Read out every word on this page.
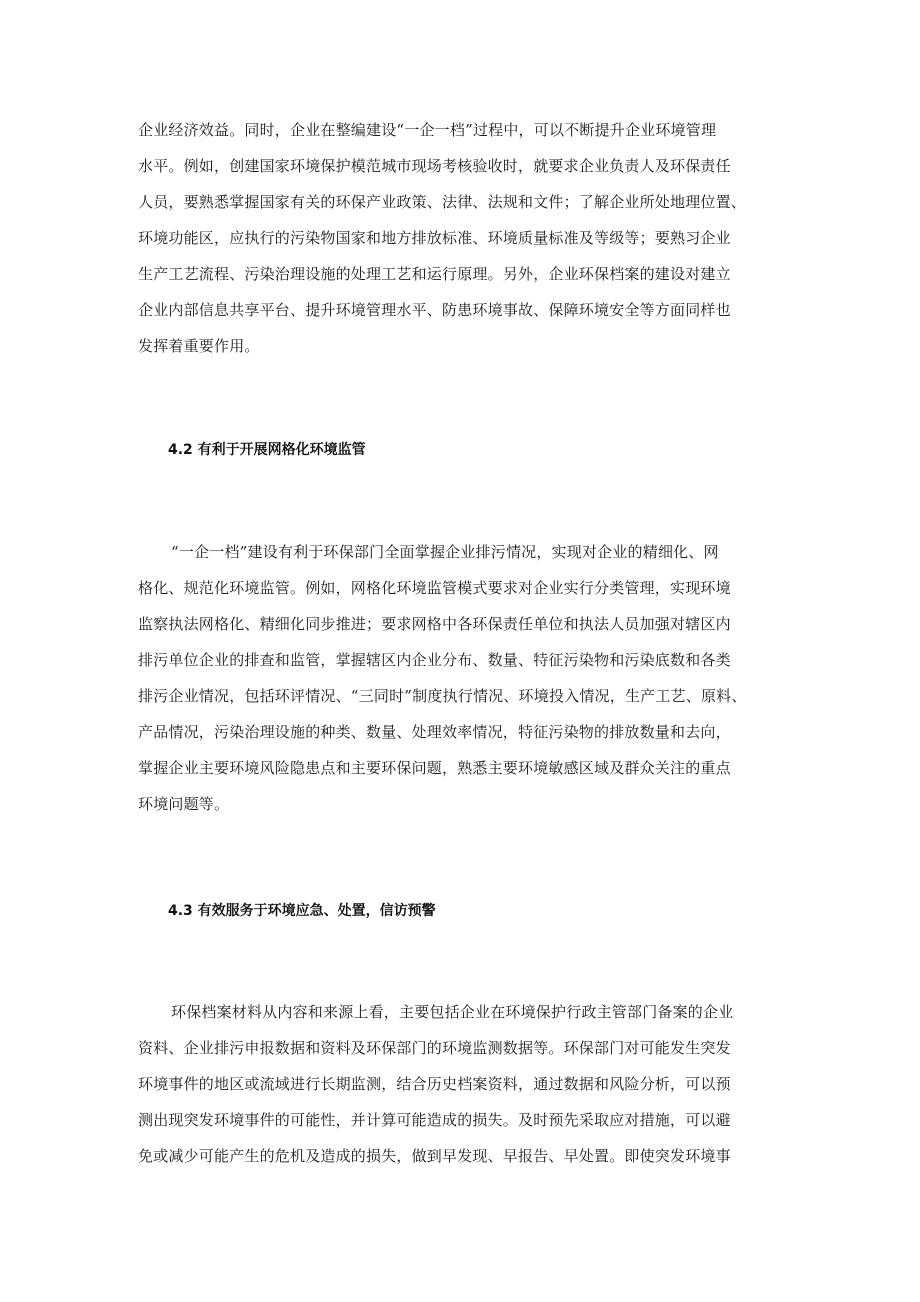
企业经济效益。同时，企业在整编建设“一企一档”过程中，可以不断提升企业环境管理
水平。例如，创建国家环境保护模范城市现场考核验收时，就要求企业负责人及环保责任
人员，要熟悉掌握国家有关的环保产业政策、法律、法规和文件；了解企业所处地理位置、
环境功能区，应执行的污染物国家和地方排放标准、环境质量标准及等级等；要熟习企业
生产工艺流程、污染治理设施的处理工艺和运行原理。另外，企业环保档案的建设对建立
企业内部信息共享平台、提升环境管理水平、防患环境事故、保障环境安全等方面同样也
发挥着重要作用。
4.2 有利于开展网格化环境监管
“一企一档”建设有利于环保部门全面掌握企业排污情况，实现对企业的精细化、网
格化、规范化环境监管。例如，网格化环境监管模式要求对企业实行分类管理，实现环境
监察执法网格化、精细化同步推进；要求网格中各环保责任单位和执法人员加强对辖区内
排污单位企业的排查和监管，掌握辖区内企业分布、数量、特征污染物和污染底数和各类
排污企业情况，包括环评情况、“三同时”制度执行情况、环境投入情况，生产工艺、原料、
产品情况，污染治理设施的种类、数量、处理效率情况，特征污染物的排放数量和去向，
掌握企业主要环境风险隐患点和主要环保问题，熟悉主要环境敏感区域及群众关注的重点
环境问题等。
4.3 有效服务于环境应急、处置，信访预警
环保档案材料从内容和来源上看，主要包括企业在环境保护行政主管部门备案的企业
资料、企业排污申报数据和资料及环保部门的环境监测数据等。环保部门对可能发生突发
环境事件的地区或流域进行长期监测，结合历史档案资料，通过数据和风险分析，可以预
测出现突发环境事件的可能性，并计算可能造成的损失。及时预先采取应对措施，可以避
免或减少可能产生的危机及造成的损失，做到早发现、早报告、早处置。即使突发环境事
